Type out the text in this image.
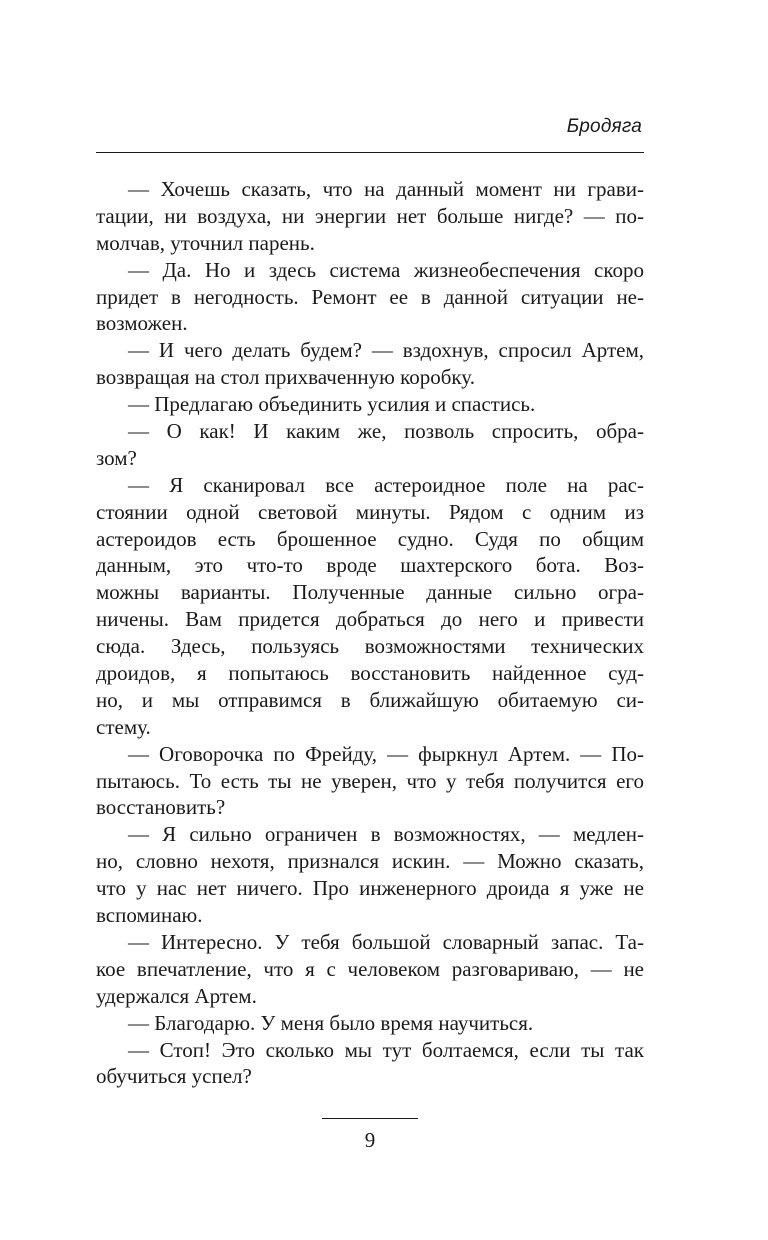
Бродяга
— Хочешь сказать, что на данный момент ни грави-
тации, ни воздуха, ни энергии нет больше нигде? — по-
молчав, уточнил парень.
— Да. Но и здесь система жизнеобеспечения скоро
придет в негодность. Ремонт ее в данной ситуации не-
возможен.
— И чего делать будем? — вздохнув, спросил Артем,
возвращая на стол прихваченную коробку.
— Предлагаю объединить усилия и спастись.
— О как! И каким же, позволь спросить, обра-
зом?
— Я сканировал все астероидное поле на рас-
стоянии одной световой минуты. Рядом с одним из
астероидов есть брошенное судно. Судя по общим
данным, это что-то вроде шахтерского бота. Воз-
можны варианты. Полученные данные сильно огра-
ничены. Вам придется добраться до него и привести
сюда. Здесь, пользуясь возможностями технических
дроидов, я попытаюсь восстановить найденное суд-
но, и мы отправимся в ближайшую обитаемую си-
стему.
— Оговорочка по Фрейду, — фыркнул Артем. — По-
пытаюсь. То есть ты не уверен, что у тебя получится его
восстановить?
— Я сильно ограничен в возможностях, — медлен-
но, словно нехотя, признался искин. — Можно сказать,
что у нас нет ничего. Про инженерного дроида я уже не
вспоминаю.
— Интересно. У тебя большой словарный запас. Та-
кое впечатление, что я с человеком разговариваю, — не
удержался Артем.
— Благодарю. У меня было время научиться.
— Стоп! Это сколько мы тут болтаемся, если ты так
обучиться успел?
9
